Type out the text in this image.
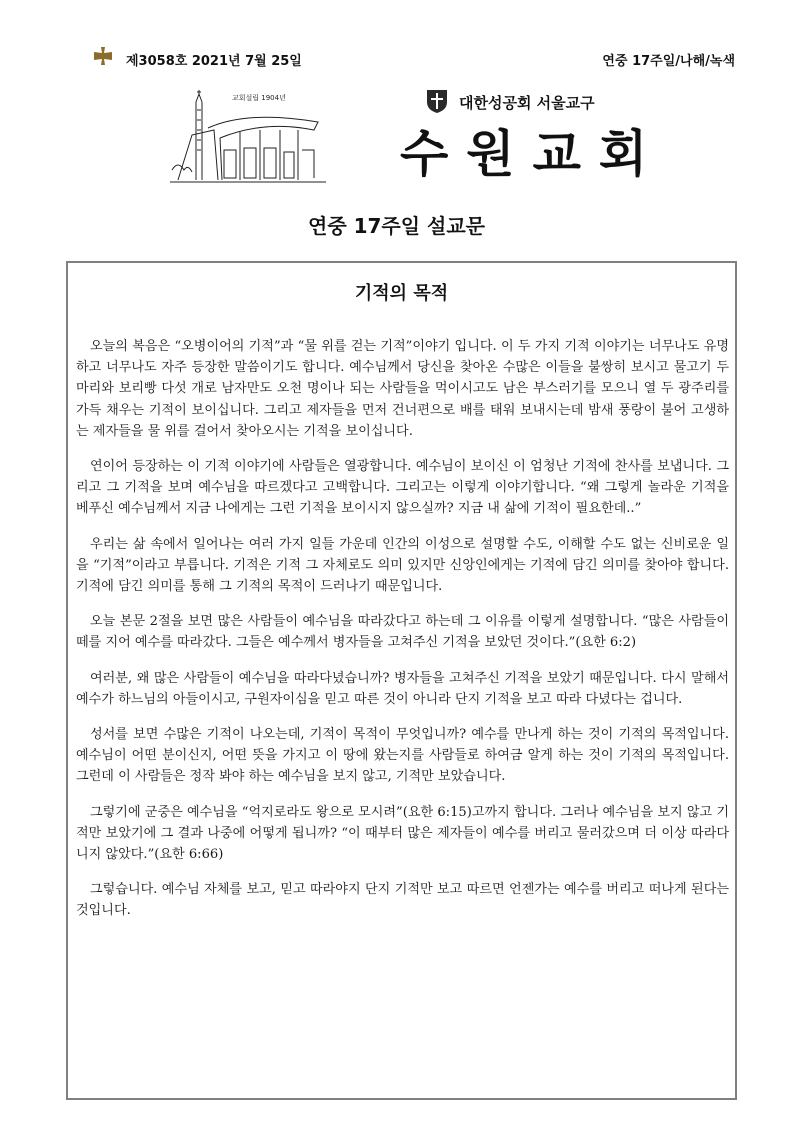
제3058호 2021년 7월 25일	연중 17주일/나해/녹색
교회설립 1904년	대한성공회 서울교구
수원교회
연중 17주일 설교문
기적의 목적

오늘의 복음은 “오병이어의 기적”과 “물 위를 걷는 기적”이야기 입니다. 이 두 가지 기적 이야기는 너무나도 유명하고 너무나도 자주 등장한 말씀이기도 합니다. 예수님께서 당신을 찾아온 수많은 이들을 불쌍히 보시고 물고기 두 마리와 보리빵 다섯 개로 남자만도 오천 명이나 되는 사람들을 먹이시고도 남은 부스러기를 모으니 열 두 광주리를 가득 채우는 기적이 보이십니다. 그리고 제자들을 먼저 건너편으로 배를 태워 보내시는데 밤새 풍랑이 불어 고생하는 제자들을 물 위를 걸어서 찾아오시는 기적을 보이십니다.

연이어 등장하는 이 기적 이야기에 사람들은 열광합니다. 예수님이 보이신 이 엄청난 기적에 찬사를 보냅니다. 그리고 그 기적을 보며 예수님을 따르겠다고 고백합니다. 그리고는 이렇게 이야기합니다. “왜 그렇게 놀라운 기적을 베푸신 예수님께서 지금 나에게는 그런 기적을 보이시지 않으실까? 지금 내 삶에 기적이 필요한데..”

우리는 삶 속에서 일어나는 여러 가지 일들 가운데 인간의 이성으로 설명할 수도, 이해할 수도 없는 신비로운 일을 “기적”이라고 부릅니다. 기적은 기적 그 자체로도 의미 있지만 신앙인에게는 기적에 담긴 의미를 찾아야 합니다. 기적에 담긴 의미를 통해 그 기적의 목적이 드러나기 때문입니다.

오늘 본문 2절을 보면 많은 사람들이 예수님을 따라갔다고 하는데 그 이유를 이렇게 설명합니다. “많은 사람들이 떼를 지어 예수를 따라갔다. 그들은 예수께서 병자들을 고쳐주신 기적을 보았던 것이다.”(요한 6:2)

여러분, 왜 많은 사람들이 예수님을 따라다녔습니까? 병자들을 고쳐주신 기적을 보았기 때문입니다. 다시 말해서 예수가 하느님의 아들이시고, 구원자이심을 믿고 따른 것이 아니라 단지 기적을 보고 따라 다녔다는 겁니다.

성서를 보면 수많은 기적이 나오는데, 기적이 목적이 무엇입니까? 예수를 만나게 하는 것이 기적의 목적입니다. 예수님이 어떤 분이신지, 어떤 뜻을 가지고 이 땅에 왔는지를 사람들로 하여금 알게 하는 것이 기적의 목적입니다. 그런데 이 사람들은 정작 봐야 하는 예수님을 보지 않고, 기적만 보았습니다.

그렇기에 군중은 예수님을 “억지로라도 왕으로 모시려”(요한 6:15)고까지 합니다. 그러나 예수님을 보지 않고 기적만 보았기에 그 결과 나중에 어떻게 됩니까? “이 때부터 많은 제자들이 예수를 버리고 물러갔으며 더 이상 따라다니지 않았다.”(요한 6:66)

그렇습니다. 예수님 자체를 보고, 믿고 따라야지 단지 기적만 보고 따르면 언젠가는 예수를 버리고 떠나게 된다는 것입니다.
